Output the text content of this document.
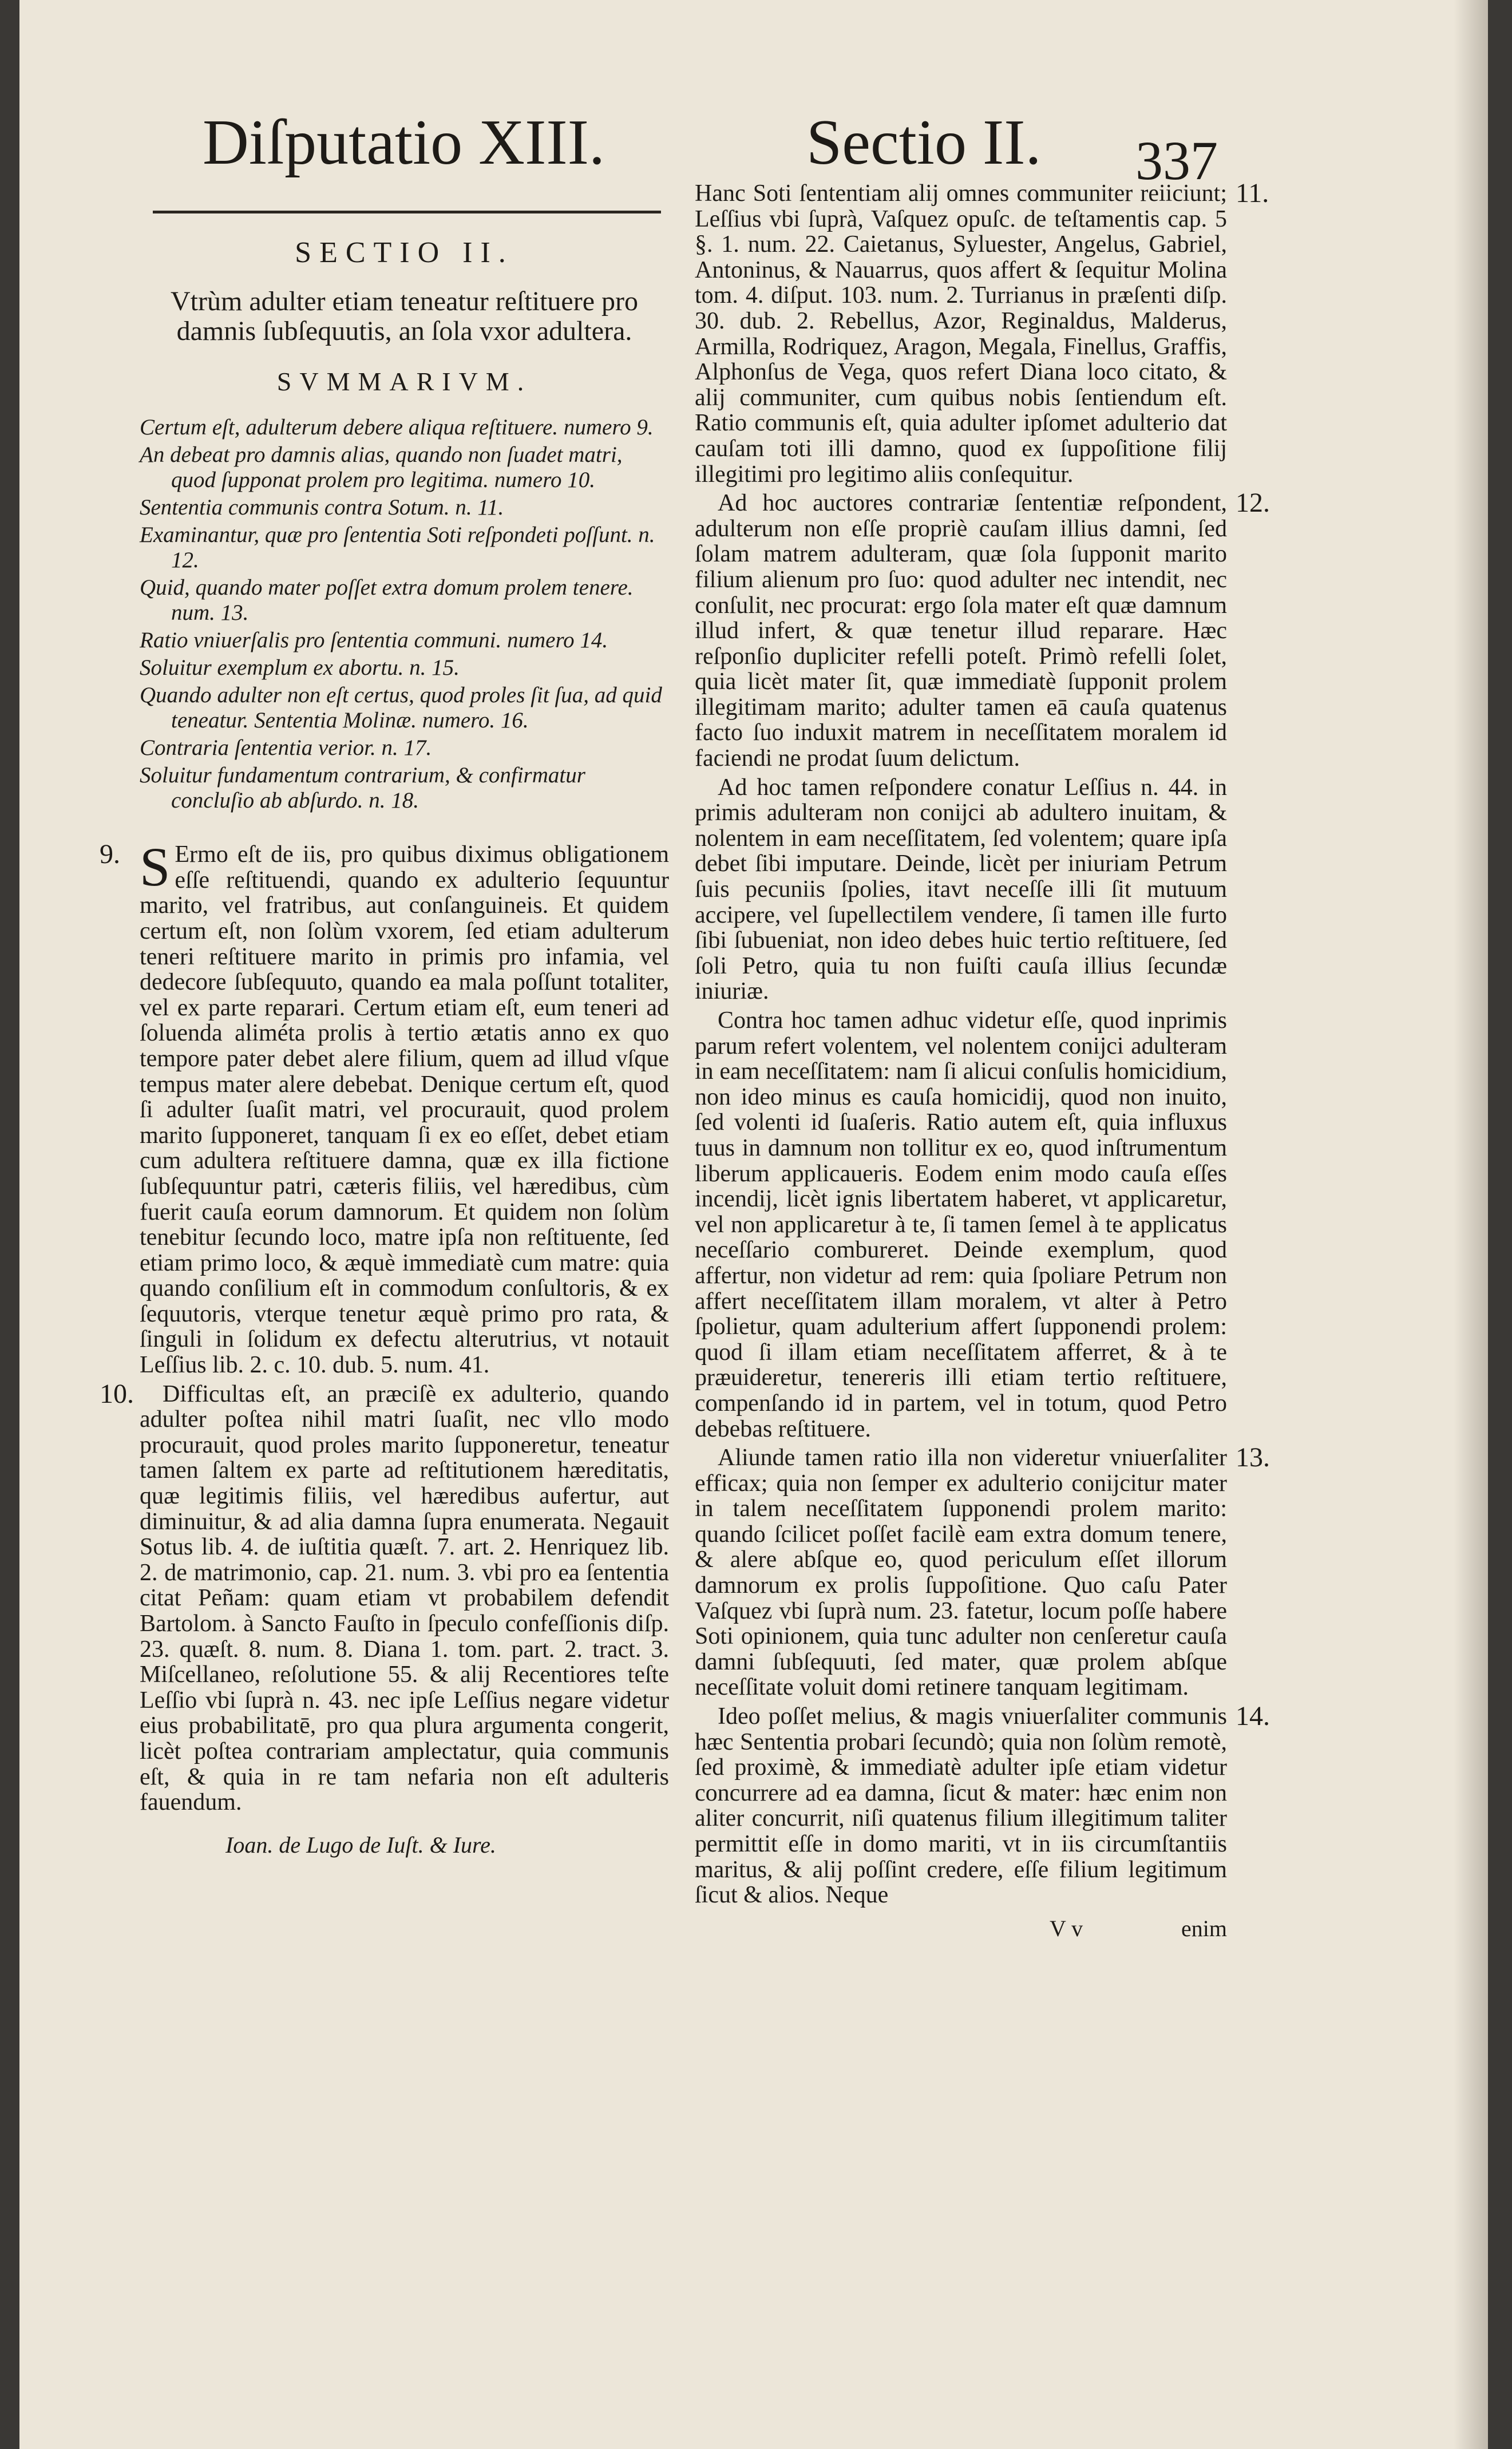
Diſputatio XIII.	Sectio II. 337
SECTIO II.
Vtrùm adulter etiam teneatur reſtituere pro damnis ſubſequutis, an ſola vxor adultera.
SVMMARIVM.
Certum eſt, adulterum debere aliqua reſtituere. numero 9.
An debeat pro damnis alias, quando non ſuadet matri, quod ſupponat prolem pro legitima. numero 10.
Sententia communis contra Sotum. n. 11.
Examinantur, quæ pro ſententia Soti reſpondeti poſſunt. n. 12.
Quid, quando mater poſſet extra domum prolem tenere. num. 13.
Ratio vniuerſalis pro ſententia communi. numero 14.
Soluitur exemplum ex abortu. n. 15.
Quando adulter non eſt certus, quod proles ſit ſua, ad quid teneatur. Sententia Molinæ. numero. 16.
Contraria ſententia verior. n. 17.
Soluitur fundamentum contrarium, & confirmatur concluſio ab abſurdo. n. 18.

9. S Ermo eſt de iis, pro quibus diximus obligationem eſſe reſtituendi, quando ex adulterio ſequuntur marito, vel fratribus, aut conſanguineis. Et quidem certum eſt, non ſolùm vxorem, ſed etiam adulterum teneri reſtituere marito in primis pro infamia, vel dedecore ſubſequuto, quando ea mala poſſunt totaliter, vel ex parte reparari. Certum etiam eſt, eum teneri ad ſoluenda aliméta prolis à tertio ætatis anno ex quo tempore pater debet alere filium, quem ad illud vſque tempus mater alere debebat. Denique certum eſt, quod ſi adulter ſuaſit matri, vel procurauit, quod prolem marito ſupponeret, tanquam ſi ex eo eſſet, debet etiam cum adultera reſtituere damna, quæ ex illa fictione ſubſequuntur patri, cæteris filiis, vel hæredibus, cùm fuerit cauſa eorum damnorum. Et quidem non ſolùm tenebitur ſecundo loco, matre ipſa non reſtituente, ſed etiam primo loco, & æquè immediatè cum matre: quia quando conſilium eſt in commodum conſultoris, & ex ſequutoris, vterque tenetur æquè primo pro rata, & ſinguli in ſolidum ex defectu alterutrius, vt notauit Leſſius lib. 2. c. 10. dub. 5. num. 41.

10. Difficultas eſt, an præciſè ex adulterio, quando adulter poſtea nihil matri ſuaſit, nec vllo modo procurauit, quod proles marito ſupponeretur, teneatur tamen ſaltem ex parte ad reſtitutionem hæreditatis, quæ legitimis filiis, vel hæredibus aufertur, aut diminuitur, & ad alia damna ſupra enumerata. Negauit Sotus lib. 4. de iuſtitia quæſt. 7. art. 2. Henriquez lib. 2. de matrimonio, cap. 21. num. 3. vbi pro ea ſententia citat Peñam: quam etiam vt probabilem defendit Bartolom. à Sancto Fauſto in ſpeculo confeſſionis diſp. 23. quæſt. 8. num. 8. Diana 1. tom. part. 2. tract. 3. Miſcellaneo, reſolutione 55. & alij Recentiores teſte Leſſio vbi ſuprà n. 43. nec ipſe Leſſius negare videtur eius probabilitatē, pro qua plura argumenta congerit, licèt poſtea contrariam amplectatur, quia communis eſt, & quia in re tam nefaria non eſt adulteris fauendum.

Ioan. de Lugo de Iuſt. & Iure.

11.
Hanc Soti ſententiam alij omnes communiter reiiciunt; Leſſius vbi ſuprà, Vaſquez opuſc. de teſtamentis cap. 5 §. 1. num. 22. Caietanus, Syluester, Angelus, Gabriel, Antoninus, & Nauarrus, quos affert & ſequitur Molina tom. 4. diſput. 103. num. 2. Turrianus in præſenti diſp. 30. dub. 2. Rebellus, Azor, Reginaldus, Malderus, Armilla, Rodriquez, Aragon, Megala, Finellus, Graffis, Alphonſus de Vega, quos refert Diana loco citato, & alij communiter, cum quibus nobis ſentiendum eſt. Ratio communis eſt, quia adulter ipſomet adulterio dat cauſam toti illi damno, quod ex ſuppoſitione filij illegitimi pro legitimo aliis conſequitur.

12.
Ad hoc auctores contrariæ ſententiæ reſpondent, adulterum non eſſe propriè cauſam illius damni, ſed ſolam matrem adulteram, quæ ſola ſupponit marito filium alienum pro ſuo: quod adulter nec intendit, nec conſulit, nec procurat: ergo ſola mater eſt quæ damnum illud infert, & quæ tenetur illud reparare. Hæc reſponſio dupliciter refelli poteſt. Primò refelli ſolet, quia licèt mater ſit, quæ immediatè ſupponit prolem illegitimam marito; adulter tamen eā cauſa quatenus facto ſuo induxit matrem in neceſſitatem moralem id faciendi ne prodat ſuum delictum.

Ad hoc tamen reſpondere conatur Leſſius n. 44. in primis adulteram non conijci ab adultero inuitam, & nolentem in eam neceſſitatem, ſed volentem; quare ipſa debet ſibi imputare. Deinde, licèt per iniuriam Petrum ſuis pecuniis ſpolies, itavt neceſſe illi ſit mutuum accipere, vel ſupellectilem vendere, ſi tamen ille furto ſibi ſubueniat, non ideo debes huic tertio reſtituere, ſed ſoli Petro, quia tu non fuiſti cauſa illius ſecundæ iniuriæ.

Contra hoc tamen adhuc videtur eſſe, quod inprimis parum refert volentem, vel nolentem conijci adulteram in eam neceſſitatem: nam ſi alicui conſulis homicidium, non ideo minus es cauſa homicidij, quod non inuito, ſed volenti id ſuaſeris. Ratio autem eſt, quia influxus tuus in damnum non tollitur ex eo, quod inſtrumentum liberum applicaueris. Eodem enim modo cauſa eſſes incendij, licèt ignis libertatem haberet, vt applicaretur, vel non applicaretur à te, ſi tamen ſemel à te applicatus neceſſario combureret. Deinde exemplum, quod affertur, non videtur ad rem: quia ſpoliare Petrum non affert neceſſitatem illam moralem, vt alter à Petro ſpolietur, quam adulterium affert ſupponendi prolem: quod ſi illam etiam neceſſitatem afferret, & à te præuideretur, tenereris illi etiam tertio reſtituere, compenſando id in partem, vel in totum, quod Petro debebas reſtituere.

13.
Aliunde tamen ratio illa non videretur vniuerſaliter efficax; quia non ſemper ex adulterio conijcitur mater in talem neceſſitatem ſupponendi prolem marito: quando ſcilicet poſſet facilè eam extra domum tenere, & alere abſque eo, quod periculum eſſet illorum damnorum ex prolis ſuppoſitione. Quo caſu Pater Vaſquez vbi ſuprà num. 23. fatetur, locum poſſe habere Soti opinionem, quia tunc adulter non cenſeretur cauſa damni ſubſequuti, ſed mater, quæ prolem abſque neceſſitate voluit domi retinere tanquam legitimam.

14.
Ideo poſſet melius, & magis vniuerſaliter communis hæc Sententia probari ſecundò; quia non ſolùm remotè, ſed proximè, & immediatè adulter ipſe etiam videtur concurrere ad ea damna, ſicut & mater: hæc enim non aliter concurrit, niſi quatenus filium illegitimum taliter permittit eſſe in domo mariti, vt in iis circumſtantiis maritus, & alij poſſint credere, eſſe filium legitimum ſicut & alios. Neque

V v	enim
